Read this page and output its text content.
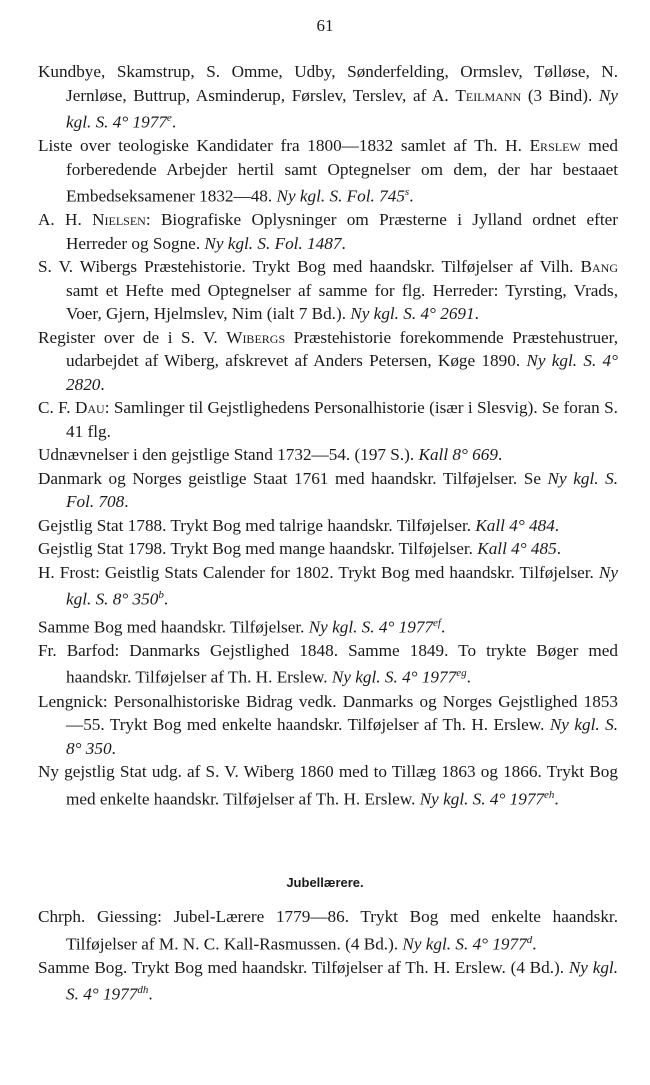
61

Kundbye, Skamstrup, S. Omme, Udby, Sønderfelding, Ormslev, Tølløse, N. Jernløse, Buttrup, Asminderup, Førslev, Terslev, af A. Teilmann (3 Bind). Ny kgl. S. 4° 1977e.

Liste over teologiske Kandidater fra 1800—1832 samlet af Th. H. Erslew med forberedende Arbejder hertil samt Optegnelser om dem, der har bestaaet Embedseksamener 1832—48. Ny kgl. S. Fol. 745$^s$.

A. H. Nielsen: Biografiske Oplysninger om Præsterne i Jylland ordnet efter Herreder og Sogne. Ny kgl. S. Fol. 1487.

S. V. Wibergs Præstehistorie. Trykt Bog med haandskr. Tilføjelser af Vilh. Bang samt et Hefte med Optegnelser af samme for flg. Herreder: Tyrsting, Vrads, Voer, Gjern, Hjelmslev, Nim (ialt 7 Bd.). Ny kgl. S. 4° 2691.

Register over de i S. V. Wibergs Præstehistorie forekommende Præstehustruer, udarbejdet af Wiberg, afskrevet af Anders Petersen, Køge 1890. Ny kgl. S. 4° 2820.

C. F. Dau: Samlinger til Gejstlighedens Personalhistorie (især i Slesvig). Se foran S. 41 flg.

Udnævnelser i den gejstlige Stand 1732—54. (197 S.). Kall 8° 669.

Danmark og Norges geistlige Staat 1761 med haandskr. Tilføjelser. Se Ny kgl. S. Fol. 708.

Gejstlig Stat 1788. Trykt Bog med talrige haandskr. Tilføjelser. Kall 4° 484.

Gejstlig Stat 1798. Trykt Bog med mange haandskr. Tilføjelser. Kall 4° 485.

H. Frost: Geistlig Stats Calender for 1802. Trykt Bog med haandskr. Tilføjelser. Ny kgl. S. 8° 350$^b$.

Samme Bog med haandskr. Tilføjelser. Ny kgl. S. 4° $1977^{ef}$.

Fr. Barfod: Danmarks Gejstlighed 1848. Samme 1849. To trykte Bøger med haandskr. Tilføjelser af Th. H. Erslew. Ny kgl. S. 4° $1977^{eg}$.

Lengnick: Personalhistoriske Bidrag vedk. Danmarks og Norges Gejstlighed 1853—55. Trykt Bog med enkelte haandskr. Tilføjelser af Th. H. Erslew. Ny kgl. S. 8° 350.

Ny gejstlig Stat udg. af S. V. Wiberg 1860 med to Tillæg 1863 og 1866. Trykt Bog med enkelte haandskr. Tilføjelser af Th. H. Erslew. Ny kgl. S. 4° $1977^{eh}$.

Jubellærere.

Chrph. Giessing: Jubel-Lærere 1779—86. Trykt Bog med enkelte haandskr. Tilføjelser af M. N. C. Kall-Rasmussen. (4 Bd.). Ny kgl. S. 4° 1977$^d$.

Samme Bog. Trykt Bog med haandskr. Tilføjelser af Th. H. Erslew. (4 Bd.). Ny kgl. S. 4° $1977^{dh}$.
